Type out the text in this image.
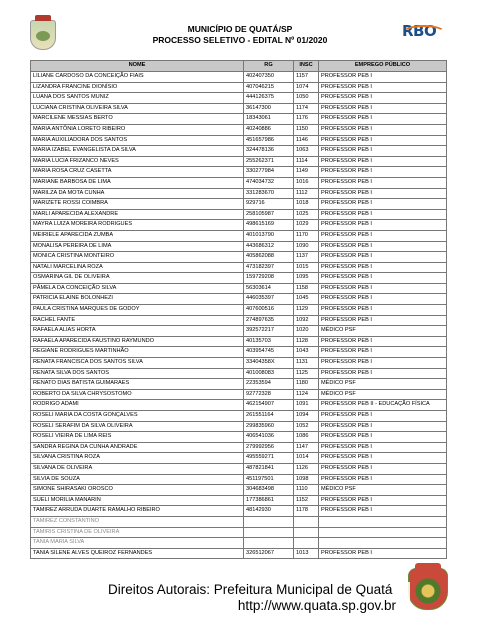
MUNICÍPIO DE QUATÁ/SP
PROCESSO SELETIVO - EDITAL Nº 01/2020	RBO
NOME	RG	INSC	EMPREGO PÚBLICO
LILIANE CARDOSO DA CONCEIÇÃO FIAIS	402407350	1157	PROFESSOR PEB I
LIZANDRA FRANCINE DIONÍSIO	407046215	1074	PROFESSOR PEB I
LUANA DOS SANTOS MUNIZ	444126375	1050	PROFESSOR PEB I
LUCIANA CRISTINA OLIVEIRA SILVA	36147300	1174	PROFESSOR PEB I
MARCILENE MESSIAS BERTO	18343061	1176	PROFESSOR PEB I
MARIA ANTÔNIA LORETO RIBEIRO	40240886	1150	PROFESSOR PEB I
MARIA AUXILIADORA DOS SANTOS	451657986	1146	PROFESSOR PEB I
MARIA IZABEL EVANGELISTA DA SILVA	324478136	1063	PROFESSOR PEB I
MARIA LUCIA FRIZANCO NEVES	255262371	1114	PROFESSOR PEB I
MARIA ROSA CRUZ CASETTA	330277984	1149	PROFESSOR PEB I
MARIANE BARBOSA DE LIMA	474034732	1016	PROFESSOR PEB I
MARILZA DA MOTA CUNHA	331283670	1112	PROFESSOR PEB I
MARIZETE ROSSI COIMBRA	929716	1018	PROFESSOR PEB I
MARLI APARECIDA ALEXANDRE	258105987	1025	PROFESSOR PEB I
MAYRA LUIZA MOREIRA RODRIGUES	498615169	1029	PROFESSOR PEB I
MEIRIELE APARECIDA ZUMBA	401013790	1170	PROFESSOR PEB I
MONALISA PEREIRA DE LIMA	443686312	1090	PROFESSOR PEB I
MONICA CRISTINA MONTEIRO	405862088	1137	PROFESSOR PEB I
NATALI MARCELINA ROZA	473182397	1015	PROFESSOR PEB I
OSMARINA GIL DE OLIVEIRA	159729208	1095	PROFESSOR PEB I
PÂMELA DA CONCEIÇÃO SILVA	56303614	1158	PROFESSOR PEB I
PATRICIA ELAINE BOLONHEZI	446035397	1045	PROFESSOR PEB I
PAULA CRISTINA MARQUES DE GODOY	407600516	1129	PROFESSOR PEB I
RACHEL FANTE	274897635	1092	PROFESSOR PEB I
RAFAELA ALIAS HORTA	392572217	1020	MÉDICO PSF
RAFAELA APARECIDA FAUSTINO RAYMUNDO	40135703	1128	PROFESSOR PEB I
REGIANE RODRIGUES MARTINHÃO	403954745	1043	PROFESSOR PEB I
RENATA FRANCISCA DOS SANTOS SILVA	33404358X	1131	PROFESSOR PEB I
RENATA SILVA DOS SANTOS	401008083	1125	PROFESSOR PEB I
RENATO DIAS BATISTA GUIMARAES	22353594	1180	MÉDICO PSF
ROBERTO DA SILVA CHRYSOSTOMO	92772328	1124	MÉDICO PSF
RODRIGO ADAMI	462154907	1091	PROFESSOR PEB II - EDUCAÇÃO FÍSICA
ROSELI MARIA DA COSTA GONÇALVES	261551164	1094	PROFESSOR PEB I
ROSELI SERAFIM DA SILVA OLIVEIRA	299835960	1052	PROFESSOR PEB I
ROSELI VIEIRA DE LIMA REIS	406541036	1086	PROFESSOR PEB I
SANDRA REGINA DA CUNHA ANDRADE	279992956	1147	PROFESSOR PEB I
SILVANA CRISTINA ROZA	495559271	1014	PROFESSOR PEB I
SILVANA DE OLIVEIRA	487821841	1126	PROFESSOR PEB I
SILVIA DE SOUZA	451197501	1098	PROFESSOR PEB I
SIMONE SHIRASAKI OROSCO	304683498	1110	MÉDICO PSF
SUELI MORILIA MANARIN	177386861	1152	PROFESSOR PEB I
TAMIREZ ARRUDA DUARTE RAMALHO RIBEIRO	48142930	1178	PROFESSOR PEB I
TAMIREZ CONSTANTINO			
TAMIRIS CRISTINA DE OLIVEIRA			
TANIA MARIA SILVA			
TANIA SILENE ALVES QUEIROZ FERNANDES	326512067	1013	PROFESSOR PEB I
Direitos Autorais: Prefeitura Municipal de Quatá
http://www.quata.sp.gov.br
